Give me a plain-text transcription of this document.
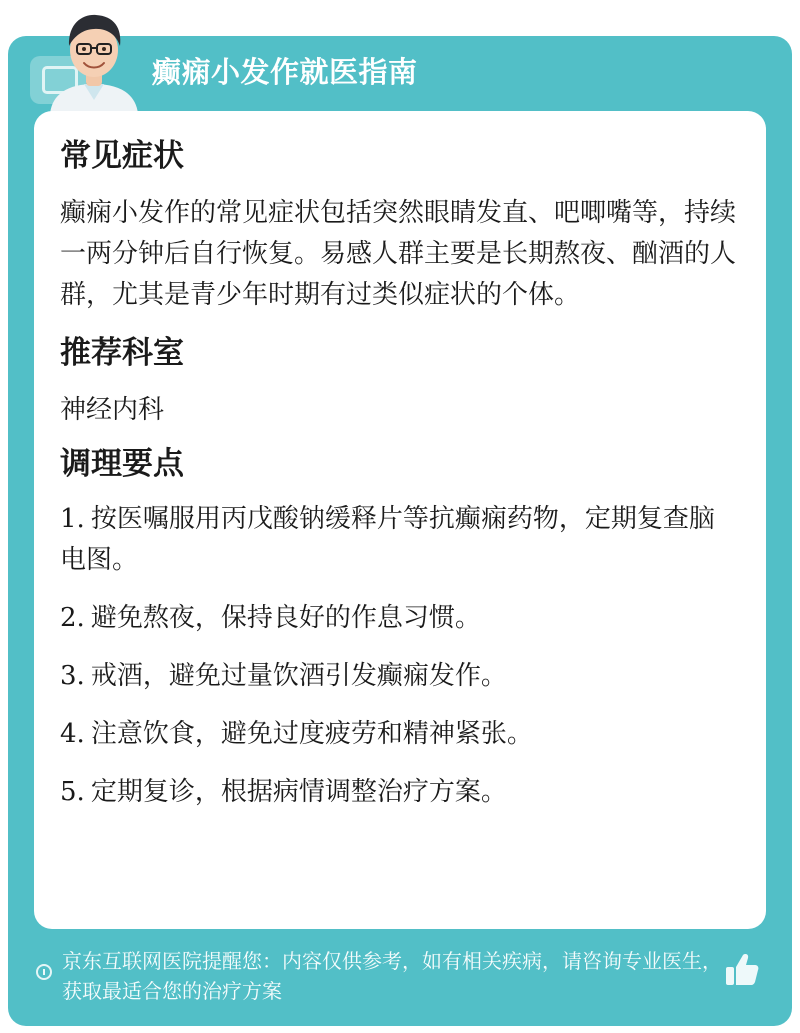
癫痫小发作就医指南
常见症状

癫痫小发作的常见症状包括突然眼睛发直、吧唧嘴等，持续一两分钟后自行恢复。易感人群主要是长期熬夜、酗酒的人群，尤其是青少年时期有过类似症状的个体。

推荐科室

神经内科

调理要点
1. 按医嘱服用丙戊酸钠缓释片等抗癫痫药物，定期复查脑电图。
2. 避免熬夜，保持良好的作息习惯。
3. 戒酒，避免过量饮酒引发癫痫发作。
4. 注意饮食，避免过度疲劳和精神紧张。
5. 定期复诊，根据病情调整治疗方案。
京东互联网医院提醒您：内容仅供参考，如有相关疾病，请咨询专业医生，获取最适合您的治疗方案
